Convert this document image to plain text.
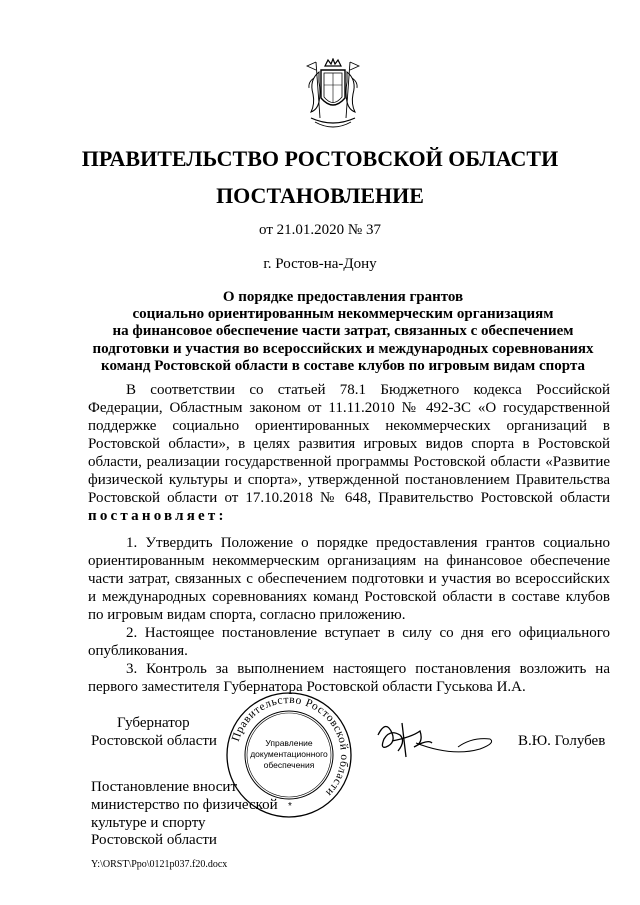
ПРАВИТЕЛЬСТВО РОСТОВСКОЙ ОБЛАСТИ
ПОСТАНОВЛЕНИЕ
от 21.01.2020 № 37
г. Ростов-на-Дону
О порядке предоставления грантов
социально ориентированным некоммерческим организациям
на финансовое обеспечение части затрат, связанных с обеспечением
подготовки и участия во всероссийских и международных соревнованиях
команд Ростовской области в составе клубов по игровым видам спорта
В соответствии со статьей 78.1 Бюджетного кодекса Российской Федерации, Областным законом от 11.11.2010 № 492-ЗС «О государственной поддержке социально ориентированных некоммерческих организаций в Ростовской области», в целях развития игровых видов спорта в Ростовской области, реализации государственной программы Ростовской области «Развитие физической культуры и спорта», утвержденной постановлением Правительства Ростовской области от 17.10.2018 № 648, Правительство Ростовской области постановляет:

1. Утвердить Положение о порядке предоставления грантов социально ориентированным некоммерческим организациям на финансовое обеспечение части затрат, связанных с обеспечением подготовки и участия во всероссийских и международных соревнованиях команд Ростовской области в составе клубов по игровым видам спорта, согласно приложению.

2. Настоящее постановление вступает в силу со дня его официального опубликования.

3. Контроль за выполнением настоящего постановления возложить на первого заместителя Губернатора Ростовской области Гуськова И.А.

Губернатор
Ростовской области Правительство Ростовской области
Управление
документационного
обеспечения
*
В.Ю. Голубев
Постановление вносит
министерство по физической
культуре и спорту
Ростовской области
Y:\ORST\Ppo\0121p037.f20.docx
